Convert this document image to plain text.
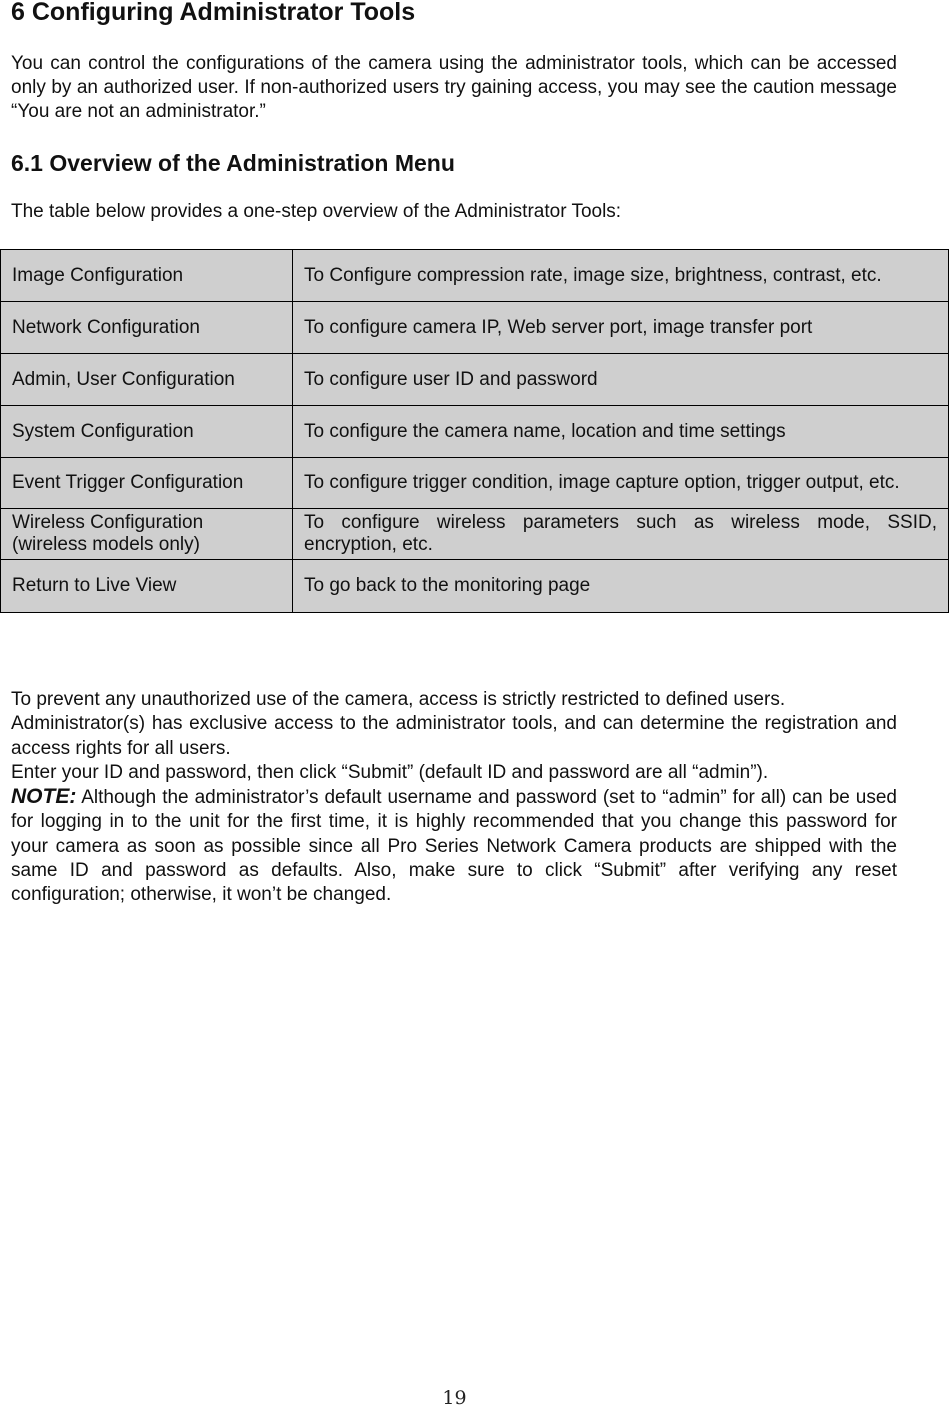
6 Configuring Administrator Tools

You can control the configurations of the camera using the administrator tools, which can be accessed only by an authorized user. If non-authorized users try gaining access, you may see the caution message “You are not an administrator.”

6.1 Overview of the Administration Menu

The table below provides a one-step overview of the Administrator Tools:

Image Configuration	To Configure compression rate, image size, brightness, contrast, etc.
Network Configuration	To configure camera IP, Web server port, image transfer port
Admin, User Configuration	To configure user ID and password
System Configuration	To configure the camera name, location and time settings
Event Trigger Configuration	To configure trigger condition, image capture option, trigger output, etc.
Wireless Configuration (wireless models only)	To configure wireless parameters such as wireless mode, SSID, encryption, etc.
Return to Live View	To go back to the monitoring page

To prevent any unauthorized use of the camera, access is strictly restricted to defined users.

Administrator(s) has exclusive access to the administrator tools, and can determine the registration and access rights for all users.

Enter your ID and password, then click “Submit” (default ID and password are all “admin”).

NOTE: Although the administrator’s default username and password (set to “admin” for all) can be used for logging in to the unit for the first time, it is highly recommended that you change this password for your camera as soon as possible since all Pro Series Network Camera products are shipped with the same ID and password as defaults. Also, make sure to click “Submit” after verifying any reset configuration; otherwise, it won’t be changed.

19
